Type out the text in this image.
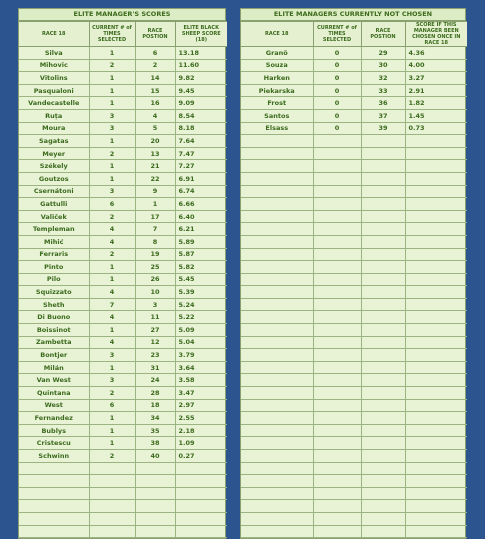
ELITE MANAGER'S SCORES
RACE 18	CURRENT # of TIMES SELECTED	RACE POSTION	ELITE BLACK SHEEP SCORE (18)
Silva	1	6	13.18
Mihovic	2	2	11.60
Vitolins	1	14	9.82
Pasqualoni	1	15	9.45
Vandecastelle	1	16	9.09
Ruța	3	4	8.54
Moura	3	5	8.18
Sagatas	1	20	7.64
Meyer	2	13	7.47
Székely	1	21	7.27
Goutzos	1	22	6.91
Csernátoni	3	9	6.74
Gattulli	6	1	6.66
Valiček	2	17	6.40
Templeman	4	7	6.21
Mihić	4	8	5.89
Ferraris	2	19	5.87
Pinto	1	25	5.82
Pilo	1	26	5.45
Squizzato	4	10	5.39
Sheth	7	3	5.24
Di Buono	4	11	5.22
Boissinot	1	27	5.09
Zambetta	4	12	5.04
Bontjer	3	23	3.79
Milán	1	31	3.64
Van West	3	24	3.58
Quintana	2	28	3.47
West	6	18	2.97
Fernandez	1	34	2.55
Bublys	1	35	2.18
Cristescu	1	38	1.09
Schwinn	2	40	0.27

ELITE MANAGERS CURRENTLY NOT CHOSEN
RACE 18	CURRENT # of TIMES SELECTED	RACE POSTION	SCORE IF THIS MANAGER BEEN CHOSEN ONCE IN RACE 18
Granö	0	29	4.36
Souza	0	30	4.00
Harken	0	32	3.27
Piekarska	0	33	2.91
Frost	0	36	1.82
Santos	0	37	1.45
Elsass	0	39	0.73
